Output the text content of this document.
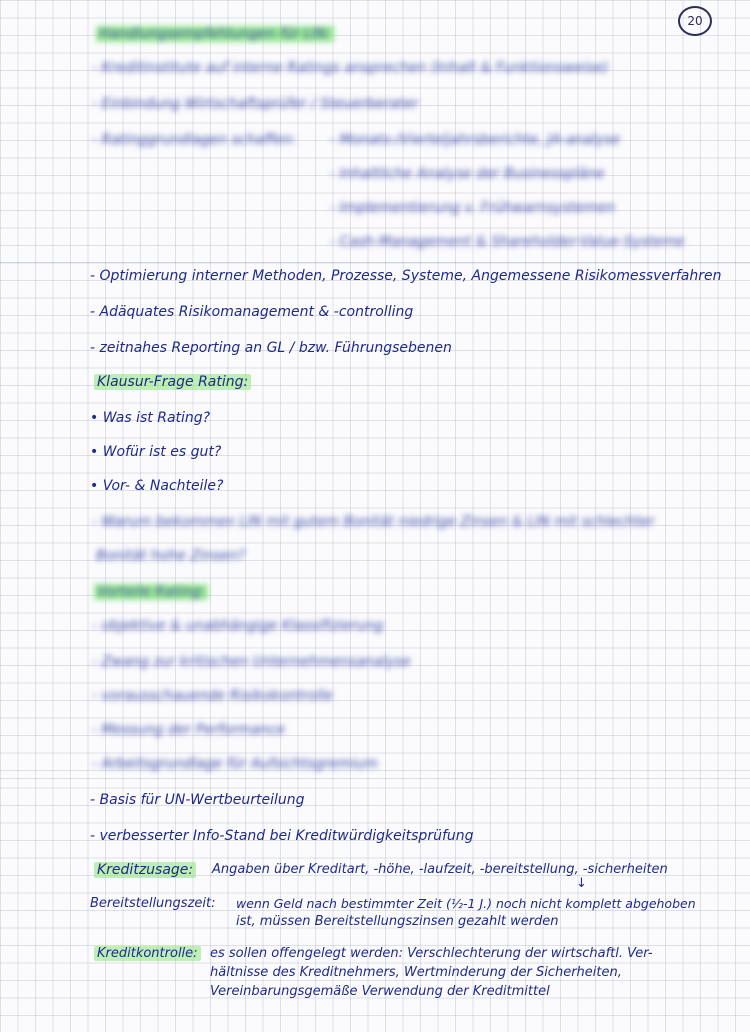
20
Handlungsempfehlungen für LIN:
- Kreditinstitute auf interne Ratings ansprechen (Inhalt & Funktionsweise)
- Einbindung Wirtschaftsprüfer / Steuerberater
- Ratinggrundlagen schaffen: - Monats-/Vierteljahrsberichte, JA-analyse
- Inhaltliche Analyse der Businesspläne
- Implementierung v. Frühwarnsystemen
- Cash-Management & Shareholder-Value-Systeme
- Optimierung interner Methoden, Prozesse, Systeme, Angemessene Risikomessverfahren
- Adäquates Risikomanagement & -controlling
- zeitnahes Reporting an GL / bzw. Führungsebenen
Klausur-Frage Rating:
• Was ist Rating?
• Wofür ist es gut?
• Vor- & Nachteile?
- Warum bekommen LIN mit gutem Bonität niedrige Zinsen & LIN mit schlechter
Bonität hohe Zinsen?
Vorteile Rating:
- objektive & unabhängige Klassifizierung
- Zwang zur kritischen Unternehmensanalyse
- vorausschauende Risikokontrolle
- Messung der Performance
- Arbeitsgrundlage für Aufsichtsgremium
- Basis für UN-Wertbeurteilung
- verbesserter Info-Stand bei Kreditwürdigkeitsprüfung
Kreditzusage: Angaben über Kreditart, -höhe, -laufzeit, -bereitstellung, -sicherheiten
↓
Bereitstellungszeit: wenn Geld nach bestimmter Zeit (½-1 J.) noch nicht komplett abgehoben
ist, müssen Bereitstellungszinsen gezahlt werden
Kreditkontrolle: es sollen offengelegt werden: Verschlechterung der wirtschaftl. Ver-
hältnisse des Kreditnehmers, Wertminderung der Sicherheiten,
Vereinbarungsgemäße Verwendung der Kreditmittel
